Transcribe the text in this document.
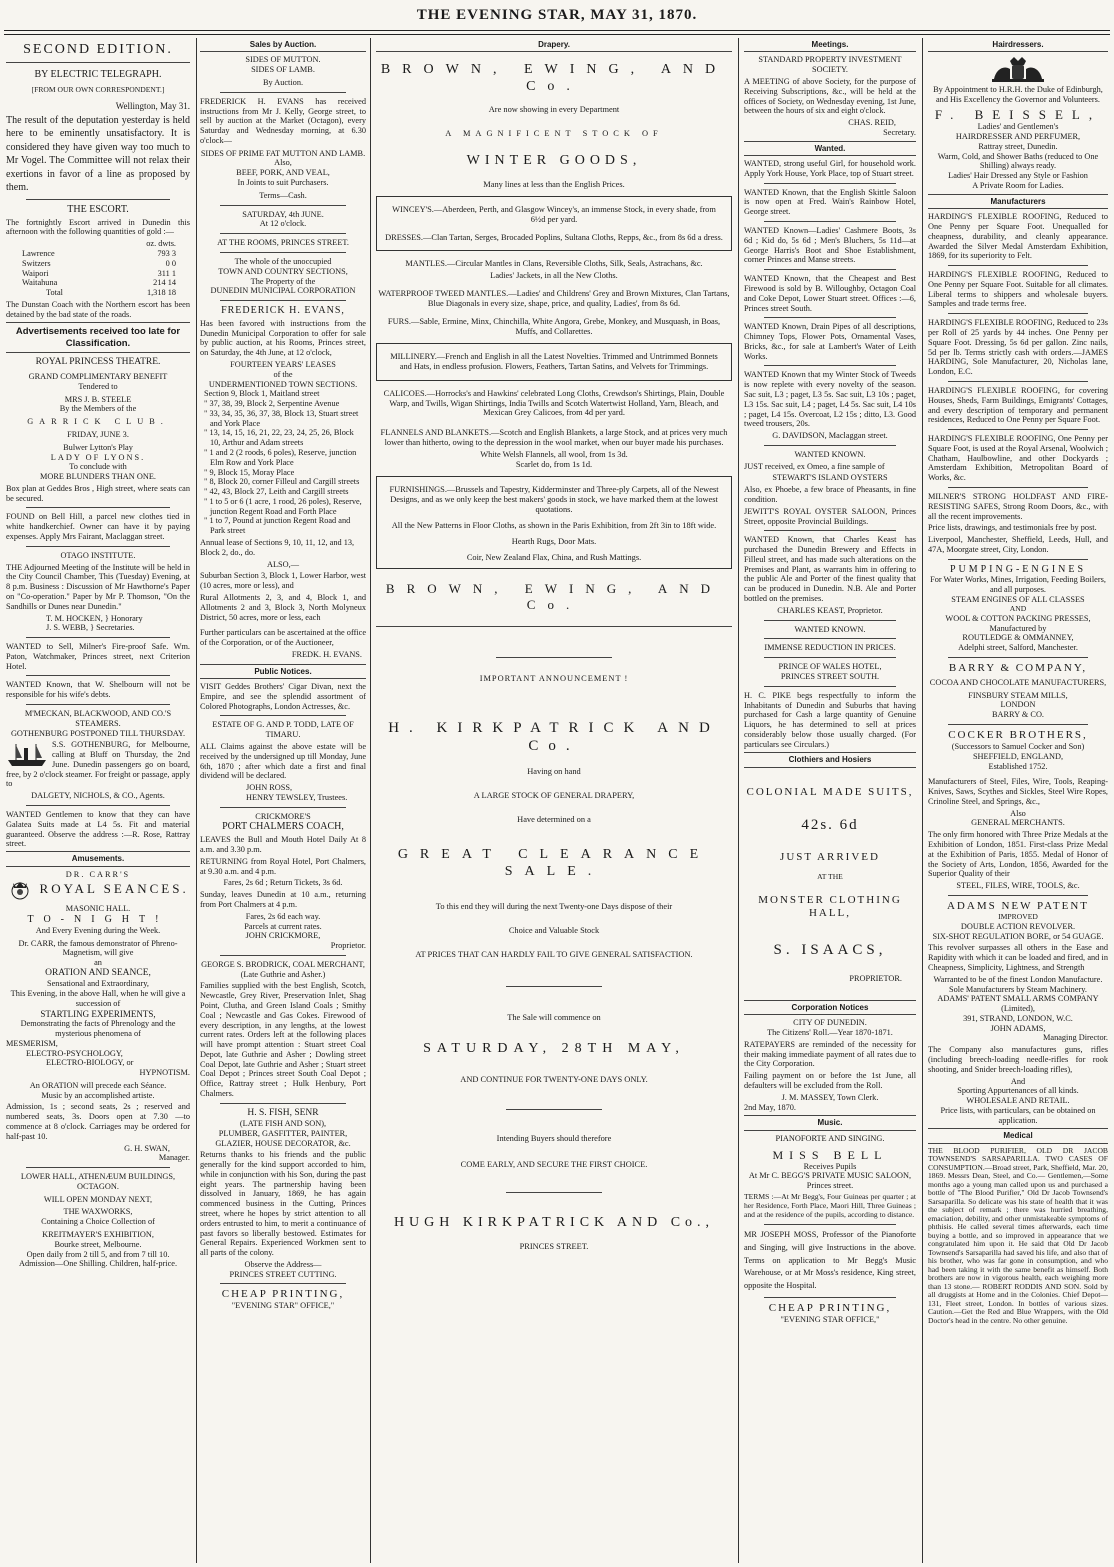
THE EVENING STAR, MAY 31, 1870.
SECOND EDITION.
BY ELECTRIC TELEGRAPH.
[FROM OUR OWN CORRESPONDENT.]
Wellington, May 31.

The result of the deputation yesterday is held here to be eminently unsatisfactory. It is considered they have given way too much to Mr Vogel. The Committee will not relax their exertions in favor of a line as proposed by them.

THE ESCORT.

The fortnightly Escort arrived in Dunedin this afternoon with the following quantities of gold :—

oz. dwts.
Lawrence	793 3
Switzers	0 0
Waipori	311 1
Waitahuna	214 14
Total	1,318 18

The Dunstan Coach with the Northern escort has been detained by the bad state of the roads.

Advertisements received too late for Classification.
ROYAL PRINCESS THEATRE.
GRAND COMPLIMENTARY BENEFIT
Tendered to
MRS J. B. STEELE
By the Members of the
GARRICK CLUB.
FRIDAY, JUNE 3.
Bulwer Lytton's Play
LADY OF LYONS.
To conclude with
MORE BLUNDERS THAN ONE.

Box plan at Geddes Bros , High street, where seats can be secured.

FOUND on Bell Hill, a parcel new clothes tied in white handkerchief. Owner can have it by paying expenses. Apply Mrs Fairant, Maclaggan street.

OTAGO INSTITUTE.

THE Adjourned Meeting of the Institute will be held in the City Council Chamber, This (Tuesday) Evening, at 8 p.m. Business : Discussion of Mr Hawthorne's Paper on "Co-operation." Paper by Mr P. Thomson, "On the Sandhills or Dunes near Dunedin."

T. M. HOCKEN, } Honorary
J. S. WEBB, } Secretaries.

WANTED to Sell, Milner's Fire-proof Safe. Wm. Paton, Watchmaker, Princes street, next Criterion Hotel.

WANTED Known, that W. Shelbourn will not be responsible for his wife's debts.

M'MECKAN, BLACKWOOD, AND CO.'S STEAMERS.
GOTHENBURG POSTPONED TILL THURSDAY.

S.S. GOTHENBURG, for Melbourne, calling at Bluff on Thursday, the 2nd June. Dunedin passengers go on board, free, by 2 o'clock steamer. For freight or passage, apply to

DALGETY, NICHOLS, & CO., Agents.

WANTED Gentlemen to know that they can have Galatea Suits made at L4 5s. Fit and material guaranteed. Observe the address :—R. Rose, Rattray street.

Amusements.
DR. CARR'S
ROYAL SEANCES.
MASONIC HALL.
TO-NIGHT!
And Every Evening during the Week.
Dr. CARR, the famous demonstrator of Phreno-Magnetism, will give
an
ORATION AND SEANCE,
Sensational and Extraordinary,
This Evening, in the above Hall, when he will give a succession of
STARTLING EXPERIMENTS,
Demonstrating the facts of Phrenology and the mysterious phenomena of
MESMERISM,
ELECTRO-PSYCHOLOGY,
ELECTRO-BIOLOGY, or
HYPNOTISM.
An ORATION will precede each Séance.
Music by an accomplished artiste.

Admission, 1s ; second seats, 2s ; reserved and numbered seats, 3s. Doors open at 7.30 —to commence at 8 o'clock. Carriages may be ordered for half-past 10.

G. H. SWAN,
Manager.
LOWER HALL, ATHENÆUM BUILDINGS, OCTAGON.
WILL OPEN MONDAY NEXT,
THE WAXWORKS,
Containing a Choice Collection of
KREITMAYER'S EXHIBITION,
Bourke street, Melbourne.
Open daily from 2 till 5, and from 7 till 10.
Admission—One Shilling. Children, half-price.
Sales by Auction.
SIDES OF MUTTON.
SIDES OF LAMB.
By Auction.

FREDERICK H. EVANS has received instructions from Mr J. Kelly, George street, to sell by auction at the Market (Octagon), every Saturday and Wednesday morning, at 6.30 o'clock—

SIDES OF PRIME FAT MUTTON AND LAMB.
Also,
BEEF, PORK, AND VEAL,
In Joints to suit Purchasers.
Terms—Cash.
SATURDAY, 4th JUNE.
At 12 o'clock.
AT THE ROOMS, PRINCES STREET.
The whole of the unoccupied
TOWN AND COUNTRY SECTIONS,
The Property of the
DUNEDIN MUNICIPAL CORPORATION
FREDERICK H. EVANS,

Has been favored with instructions from the Dunedin Municipal Corporation to offer for sale by public auction, at his Rooms, Princes street, on Saturday, the 4th June, at 12 o'clock,

FOURTEEN YEARS' LEASES
of the
UNDERMENTIONED TOWN SECTIONS.
Section 9, Block 1, Maitland street
" 37, 38, 39, Block 2, Serpentine Avenue
" 33, 34, 35, 36, 37, 38, Block 13, Stuart street and York Place
" 13, 14, 15, 16, 21, 22, 23, 24, 25, 26, Block 10, Arthur and Adam streets
" 1 and 2 (2 roods, 6 poles), Reserve, junction Elm Row and York Place
" 9, Block 15, Moray Place
" 8, Block 20, corner Filleul and Cargill streets
" 42, 43, Block 27, Leith and Cargill streets
" 1 to 5 or 6 (1 acre, 1 rood, 26 poles), Reserve, junction Regent Road and Forth Place
" 1 to 7, Pound at junction Regent Road and Park street

Annual lease of Sections 9, 10, 11, 12, and 13, Block 2, do., do.

ALSO,—

Suburban Section 3, Block 1, Lower Harbor, west (10 acres, more or less), and

Rural Allotments 2, 3, and 4, Block 1, and Allotments 2 and 3, Block 3, North Molyneux District, 50 acres, more or less, each

Further particulars can be ascertained at the office of the Corporation, or of the Auctioneer,

FREDK. H. EVANS.
Public Notices.

VISIT Geddes Brothers' Cigar Divan, next the Empire, and see the splendid assortment of Colored Photographs, London Actresses, &c.

ESTATE OF G. AND P. TODD, LATE OF TIMARU.

ALL Claims against the above estate will be received by the undersigned up till Monday, June 6th, 1870 ; after which date a first and final dividend will be declared.

JOHN ROSS,
HENRY TEWSLEY, Trustees.
CRICKMORE'S
PORT CHALMERS COACH,

LEAVES the Bull and Mouth Hotel Daily At 8 a.m. and 3.30 p.m.

RETURNING from Royal Hotel, Port Chalmers, at 9.30 a.m. and 4 p.m.

Fares, 2s 6d ; Return Tickets, 3s 6d.

Sunday, leaves Dunedin at 10 a.m., returning from Port Chalmers at 4 p.m.

Fares, 2s 6d each way.
Parcels at current rates.
JOHN CRICKMORE,
Proprietor.
GEORGE S. BRODRICK, COAL MERCHANT,
(Late Guthrie and Asher.)

Families supplied with the best English, Scotch, Newcastle, Grey River, Preservation Inlet, Shag Point, Clutha, and Green Island Coals ; Smithy Coal ; Newcastle and Gas Cokes. Firewood of every description, in any lengths, at the lowest current rates. Orders left at the following places will have prompt attention : Stuart street Coal Depot, late Guthrie and Asher ; Dowling street Coal Depot, late Guthrie and Asher ; Stuart street Coal Depot ; Princes street South Coal Depot ; Office, Rattray street ; Hulk Henbury, Port Chalmers.

H. S. FISH, SENR
(LATE FISH AND SON),
PLUMBER, GASFITTER, PAINTER, GLAZIER, HOUSE DECORATOR, &c.

Returns thanks to his friends and the public generally for the kind support accorded to him, while in conjunction with his Son, during the past eight years. The partnership having been dissolved in January, 1869, he has again commenced business in the Cutting, Princes street, where he hopes by strict attention to all orders entrusted to him, to merit a continuance of past favors so liberally bestowed. Estimates for General Repairs. Experienced Workmen sent to all parts of the colony.

Observe the Address—
PRINCES STREET CUTTING.
CHEAP PRINTING,
"EVENING STAR" OFFICE,"
Drapery.
BROWN, EWING, AND Co.
Are now showing in every Department
A MAGNIFICENT STOCK OF
WINTER GOODS,
Many lines at less than the English Prices.

WINCEY'S.—Aberdeen, Perth, and Glasgow Wincey's, an immense Stock, in every shade, from 6½d per yard.

DRESSES.—Clan Tartan, Serges, Brocaded Poplins, Sultana Cloths, Repps, &c., from 8s 6d a dress.

MANTLES.—Circular Mantles in Clans, Reversible Cloths, Silk, Seals, Astrachans, &c.

Ladies' Jackets, in all the New Cloths.

WATERPROOF TWEED MANTLES.—Ladies' and Childrens' Grey and Brown Mixtures, Clan Tartans, Blue Diagonals in every size, shape, price, and quality, Ladies', from 8s 6d.

FURS.—Sable, Ermine, Minx, Chinchilla, White Angora, Grebe, Monkey, and Musquash, in Boas, Muffs, and Collarettes.

MILLINERY.—French and English in all the Latest Novelties. Trimmed and Untrimmed Bonnets and Hats, in endless profusion. Flowers, Feathers, Tartan Satins, and Velvets for Trimmings.

CALICOES.—Horrocks's and Hawkins' celebrated Long Cloths, Crewdson's Shirtings, Plain, Double Warp, and Twills, Wigan Shirtings, India Twills and Scotch Watertwist Holland, Yarn, Bleach, and Mexican Grey Calicoes, from 4d per yard.

FLANNELS AND BLANKETS.—Scotch and English Blankets, a large Stock, and at prices very much lower than hitherto, owing to the depression in the wool market, when our buyer made his purchases.

White Welsh Flannels, all wool, from 1s 3d.
Scarlet do, from 1s 1d.

FURNISHINGS.—Brussels and Tapestry, Kidderminster and Three-ply Carpets, all of the Newest Designs, and as we only keep the best makers' goods in stock, we have marked them at the lowest quotations.

All the New Patterns in Floor Cloths, as shown in the Paris Exhibition, from 2ft 3in to 18ft wide.

Hearth Rugs, Door Mats.
Coir, New Zealand Flax, China, and Rush Mattings.
BROWN, EWING, AND Co.
IMPORTANT ANNOUNCEMENT !
H. KIRKPATRICK AND Co.
Having on hand
A LARGE STOCK OF GENERAL DRAPERY,
Have determined on a
GREAT CLEARANCE SALE.
To this end they will during the next Twenty-one Days dispose of their
Choice and Valuable Stock
AT PRICES THAT CAN HARDLY FAIL TO GIVE GENERAL SATISFACTION.
The Sale will commence on
SATURDAY, 28TH MAY,
AND CONTINUE FOR TWENTY-ONE DAYS ONLY.
Intending Buyers should therefore
COME EARLY, AND SECURE THE FIRST CHOICE.
HUGH KIRKPATRICK AND Co.,
PRINCES STREET.
Meetings.
STANDARD PROPERTY INVESTMENT SOCIETY.

A MEETING of above Society, for the purpose of Receiving Subscriptions, &c., will be held at the offices of Society, on Wednesday evening, 1st June, between the hours of six and eight o'clock.

CHAS. REID,
Secretary.
Wanted.

WANTED, strong useful Girl, for household work. Apply York House, York Place, top of Stuart street.

WANTED Known, that the English Skittle Saloon is now open at Fred. Wain's Rainbow Hotel, George street.

WANTED Known—Ladies' Cashmere Boots, 3s 6d ; Kid do, 5s 6d ; Men's Bluchers, 5s 11d—at George Harris's Boot and Shoe Establishment, corner Princes and Manse streets.

WANTED Known, that the Cheapest and Best Firewood is sold by B. Willoughby, Octagon Coal and Coke Depot, Lower Stuart street. Offices :—6, Princes street South.

WANTED Known, Drain Pipes of all descriptions, Chimney Tops, Flower Pots, Ornamental Vases, Bricks, &c., for sale at Lambert's Water of Leith Works.

WANTED Known that my Winter Stock of Tweeds is now replete with every novelty of the season. Sac suit, L3 ; paget, L3 5s. Sac suit, L3 10s ; paget, L3 15s. Sac suit, L4 ; paget, L4 5s. Sac suit, L4 10s ; paget, L4 15s. Overcoat, L2 15s ; ditto, L3. Good tweed trousers, 20s.

G. DAVIDSON, Maclaggan street.
WANTED KNOWN.

JUST received, ex Omeo, a fine sample of

STEWART'S ISLAND OYSTERS

Also, ex Phoebe, a few brace of Pheasants, in fine condition.

JEWITT'S ROYAL OYSTER SALOON, Princes Street, opposite Provincial Buildings.

WANTED Known, that Charles Keast has purchased the Dunedin Brewery and Effects in Filleul street, and has made such alterations on the Premises and Plant, as warrants him in offering to the public Ale and Porter of the finest quality that can be produced in Dunedin. N.B. Ale and Porter bottled on the premises.

CHARLES KEAST, Proprietor.
WANTED KNOWN.
IMMENSE REDUCTION IN PRICES.
PRINCE OF WALES HOTEL,
PRINCES STREET SOUTH.

H. C. PIKE begs respectfully to inform the Inhabitants of Dunedin and Suburbs that having purchased for Cash a large quantity of Genuine Liquors, he has determined to sell at prices considerably below those usually charged. (For particulars see Circulars.)

Clothiers and Hosiers
COLONIAL MADE SUITS,
42s. 6d
JUST ARRIVED
AT THE
MONSTER CLOTHING HALL,
S. ISAACS,
PROPRIETOR.
Corporation Notices
CITY OF DUNEDIN.
The Citizens' Roll.—Year 1870-1871.

RATEPAYERS are reminded of the necessity for their making immediate payment of all rates due to the City Corporation.

Failing payment on or before the 1st June, all defaulters will be excluded from the Roll.

J. M. MASSEY, Town Clerk.
2nd May, 1870.
Music.
PIANOFORTE AND SINGING.
MISS BELL
Receives Pupils
At Mr C. BEGG'S PRIVATE MUSIC SALOON, Princes street.

TERMS :—At Mr Begg's, Four Guineas per quarter ; at her Residence, Forth Place, Maori Hill, Three Guineas ; and at the residence of the pupils, according to distance.

MR JOSEPH MOSS, Professor of the Pianoforte and Singing, will give Instructions in the above. Terms on application to Mr Begg's Music Warehouse, or at Mr Moss's residence, King street, opposite the Hospital.

CHEAP PRINTING,
"EVENING STAR OFFICE,"
Hairdressers.
By Appointment to H.R.H. the Duke of Edinburgh, and His Excellency the Governor and Volunteers.
F. BEISSEL,
Ladies' and Gentlemen's
HAIRDRESSER AND PERFUMER,
Rattray street, Dunedin.
Warm, Cold, and Shower Baths (reduced to One Shilling) always ready.
Ladies' Hair Dressed any Style or Fashion
A Private Room for Ladies.
Manufacturers

HARDING'S FLEXIBLE ROOFING, Reduced to One Penny per Square Foot. Unequalled for cheapness, durability, and cleanly appearance. Awarded the Silver Medal Amsterdam Exhibition, 1869, for its superiority to Felt.

HARDING'S FLEXIBLE ROOFING, Reduced to One Penny per Square Foot. Suitable for all climates. Liberal terms to shippers and wholesale buyers. Samples and trade terms free.

HARDING'S FLEXIBLE ROOFING, Reduced to 23s per Roll of 25 yards by 44 inches. One Penny per Square Foot. Dressing, 5s 6d per gallon. Zinc nails, 5d per lb. Terms strictly cash with orders.—JAMES HARDING, Sole Manufacturer, 20, Nicholas lane, London, E.C.

HARDING'S FLEXIBLE ROOFING, for covering Houses, Sheds, Farm Buildings, Emigrants' Cottages, and every description of temporary and permanent residences, Reduced to One Penny per Square Foot.

HARDING'S FLEXIBLE ROOFING, One Penny per Square Foot, is used at the Royal Arsenal, Woolwich ; Chatham, Haulbowline, and other Dockyards ; Amsterdam Exhibition, Metropolitan Board of Works, &c.

MILNER'S STRONG HOLDFAST AND FIRE-RESISTING SAFES, Strong Room Doors, &c., with all the recent improvements.

Price lists, drawings, and testimonials free by post.

Liverpool, Manchester, Sheffield, Leeds, Hull, and 47A, Moorgate street, City, London.

PUMPING-ENGINES
For Water Works, Mines, Irrigation, Feeding Boilers, and all purposes.
STEAM ENGINES OF ALL CLASSES
AND
WOOL & COTTON PACKING PRESSES,
Manufactured by
ROUTLEDGE & OMMANNEY,
Adelphi street, Salford, Manchester.
BARRY & COMPANY,
COCOA AND CHOCOLATE MANUFACTURERS,
FINSBURY STEAM MILLS,
LONDON
BARRY & CO.
COCKER BROTHERS,
(Successors to Samuel Cocker and Son)
SHEFFIELD, ENGLAND,
Established 1752.

Manufacturers of Steel, Files, Wire, Tools, Reaping-Knives, Saws, Scythes and Sickles, Steel Wire Ropes, Crinoline Steel, and Springs, &c.,

Also
GENERAL MERCHANTS.

The only firm honored with Three Prize Medals at the Exhibition of London, 1851. First-class Prize Medal at the Exhibition of Paris, 1855. Medal of Honor of the Society of Arts, London, 1856, Awarded for the Superior Quality of their

STEEL, FILES, WIRE, TOOLS, &c.
ADAMS NEW PATENT
IMPROVED
DOUBLE ACTION REVOLVER.
SIX-SHOT REGULATION BORE, or 54 GUAGE.

This revolver surpasses all others in the Ease and Rapidity with which it can be loaded and fired, and in Cheapness, Simplicity, Lightness, and Strength

Warranted to be of the finest London Manufacture.
Sole Manufacturers by Steam Machinery.
ADAMS' PATENT SMALL ARMS COMPANY
(Limited),
391, STRAND, LONDON, W.C.
JOHN ADAMS,
Managing Director.

The Company also manufactures guns, rifles (including breech-loading needle-rifles for rook shooting, and Snider breech-loading rifles),

And
Sporting Appurtenances of all kinds.
WHOLESALE AND RETAIL.
Price lists, with particulars, can be obtained on application.
Medical

THE BLOOD PURIFIER, OLD DR JACOB TOWNSEND'S SARSAPARILLA. TWO CASES OF CONSUMPTION.—Broad street, Park, Sheffield, Mar. 20, 1869. Messrs Dean, Steel, and Co.— Gentlemen,—Some months ago a young man called upon us and purchased a bottle of "The Blood Purifier," Old Dr Jacob Townsend's Sarsaparilla. So delicate was his state of health that it was the subject of remark ; there was hurried breathing, emaciation, debility, and other unmistakeable symptoms of phthisis. He called several times afterwards, each time buying a bottle, and so improved in appearance that we congratulated him upon it. He said that Old Dr Jacob Townsend's Sarsaparilla had saved his life, and also that of his brother, who was far gone in consumption, and who had been taking it with the same benefit as himself. Both brothers are now in vigorous health, each weighing more than 13 stone.— ROBERT RODDIS AND SON. Sold by all druggists at Home and in the Colonies. Chief Depot—131, Fleet street, London. In bottles of various sizes. Caution.—Get the Red and Blue Wrappers, with the Old Doctor's head in the centre. No other genuine.
